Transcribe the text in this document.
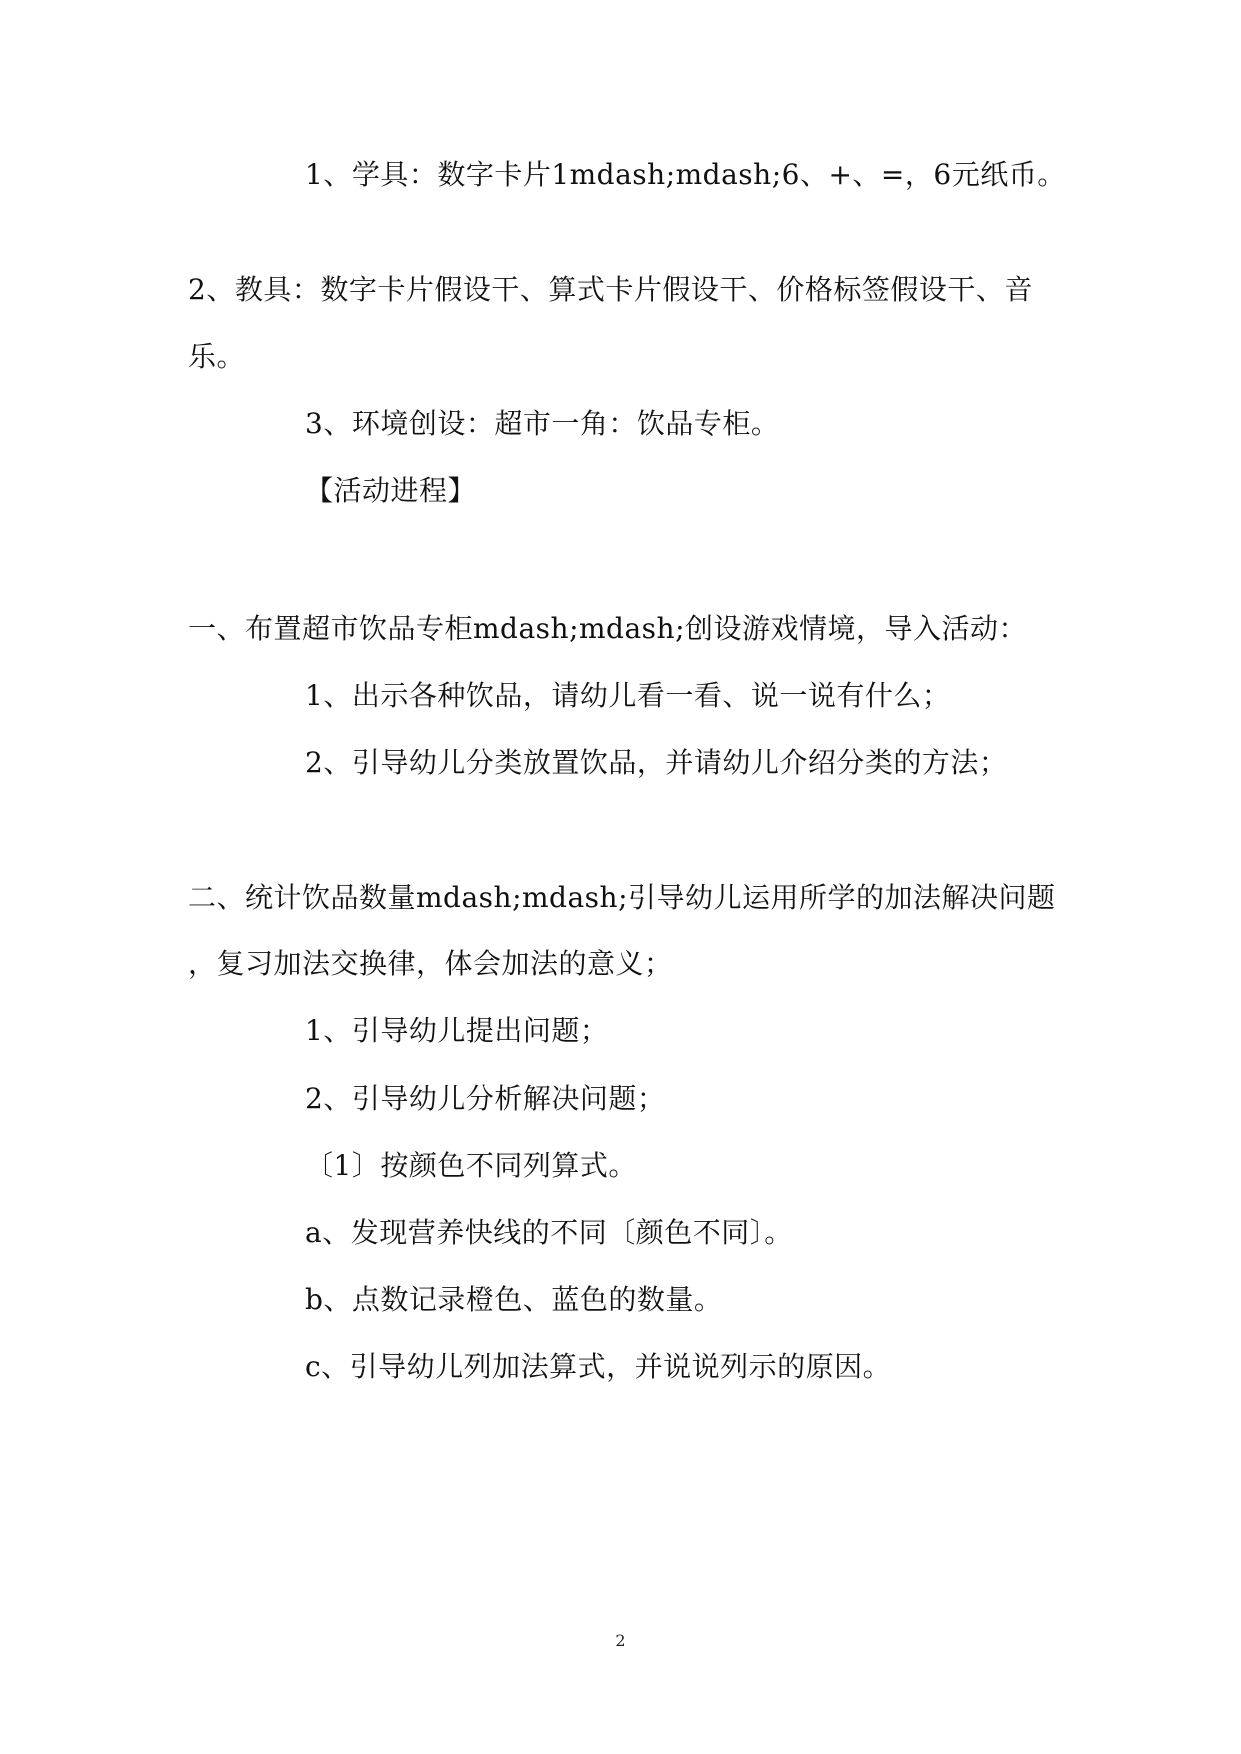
1、学具：数字卡片1mdash;mdash;6、+、=，6元纸币。
2、教具：数字卡片假设干、算式卡片假设干、价格标签假设干、音
乐。
3、环境创设：超市一角：饮品专柜。
【活动进程】
一、布置超市饮品专柜mdash;mdash;创设游戏情境，导入活动：
1、出示各种饮品，请幼儿看一看、说一说有什么；
2、引导幼儿分类放置饮品，并请幼儿介绍分类的方法；
二、统计饮品数量mdash;mdash;引导幼儿运用所学的加法解决问题
，复习加法交换律，体会加法的意义；
1、引导幼儿提出问题；
2、引导幼儿分析解决问题；
〔1〕按颜色不同列算式。
a、发现营养快线的不同〔颜色不同〕。
b、点数记录橙色、蓝色的数量。
c、引导幼儿列加法算式，并说说列示的原因。
2
